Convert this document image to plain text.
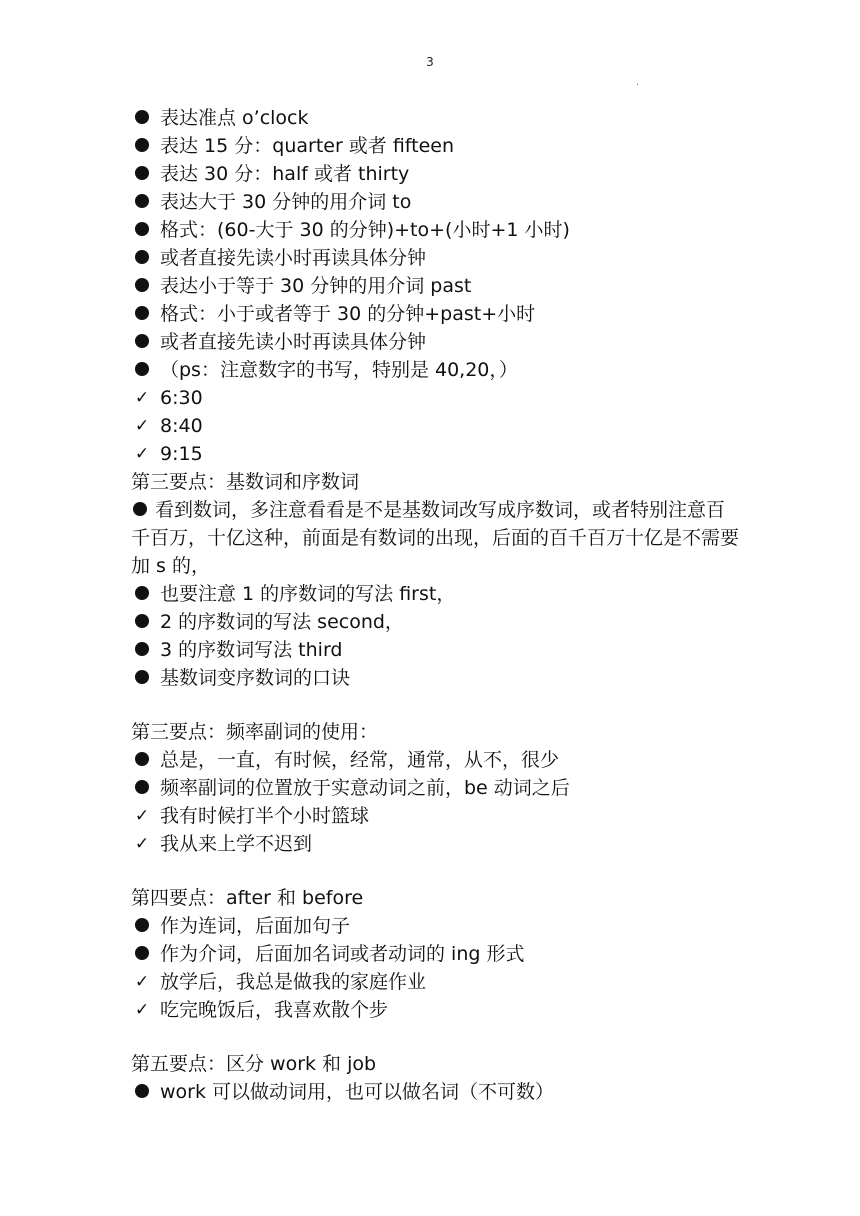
3
.
表达准点 o’clock
表达 15 分：quarter 或者 fifteen
表达 30 分：half 或者 thirty
表达大于 30 分钟的用介词 to
格式：(60-大于 30 的分钟)+to+(小时+1 小时)
或者直接先读小时再读具体分钟
表达小于等于 30 分钟的用介词 past
格式：小于或者等于 30 的分钟+past+小时
或者直接先读小时再读具体分钟
（ps：注意数字的书写，特别是 40,20，）
✓ 6:30
✓ 8:40
✓ 9:15
第三要点：基数词和序数词
看到数词，多注意看看是不是基数词改写成序数词，或者特别注意百千百万，十亿这种，前面是有数词的出现，后面的百千百万十亿是不需要加 s 的，
也要注意 1 的序数词的写法 first，
2 的序数词的写法 second，
3 的序数词写法 third
基数词变序数词的口诀
第三要点：频率副词的使用：
总是，一直，有时候，经常，通常，从不，很少
频率副词的位置放于实意动词之前，be 动词之后
✓ 我有时候打半个小时篮球
✓ 我从来上学不迟到
第四要点：after 和 before
作为连词，后面加句子
作为介词，后面加名词或者动词的 ing 形式
✓ 放学后，我总是做我的家庭作业
✓ 吃完晚饭后，我喜欢散个步
第五要点：区分 work 和 job
work 可以做动词用，也可以做名词（不可数）
